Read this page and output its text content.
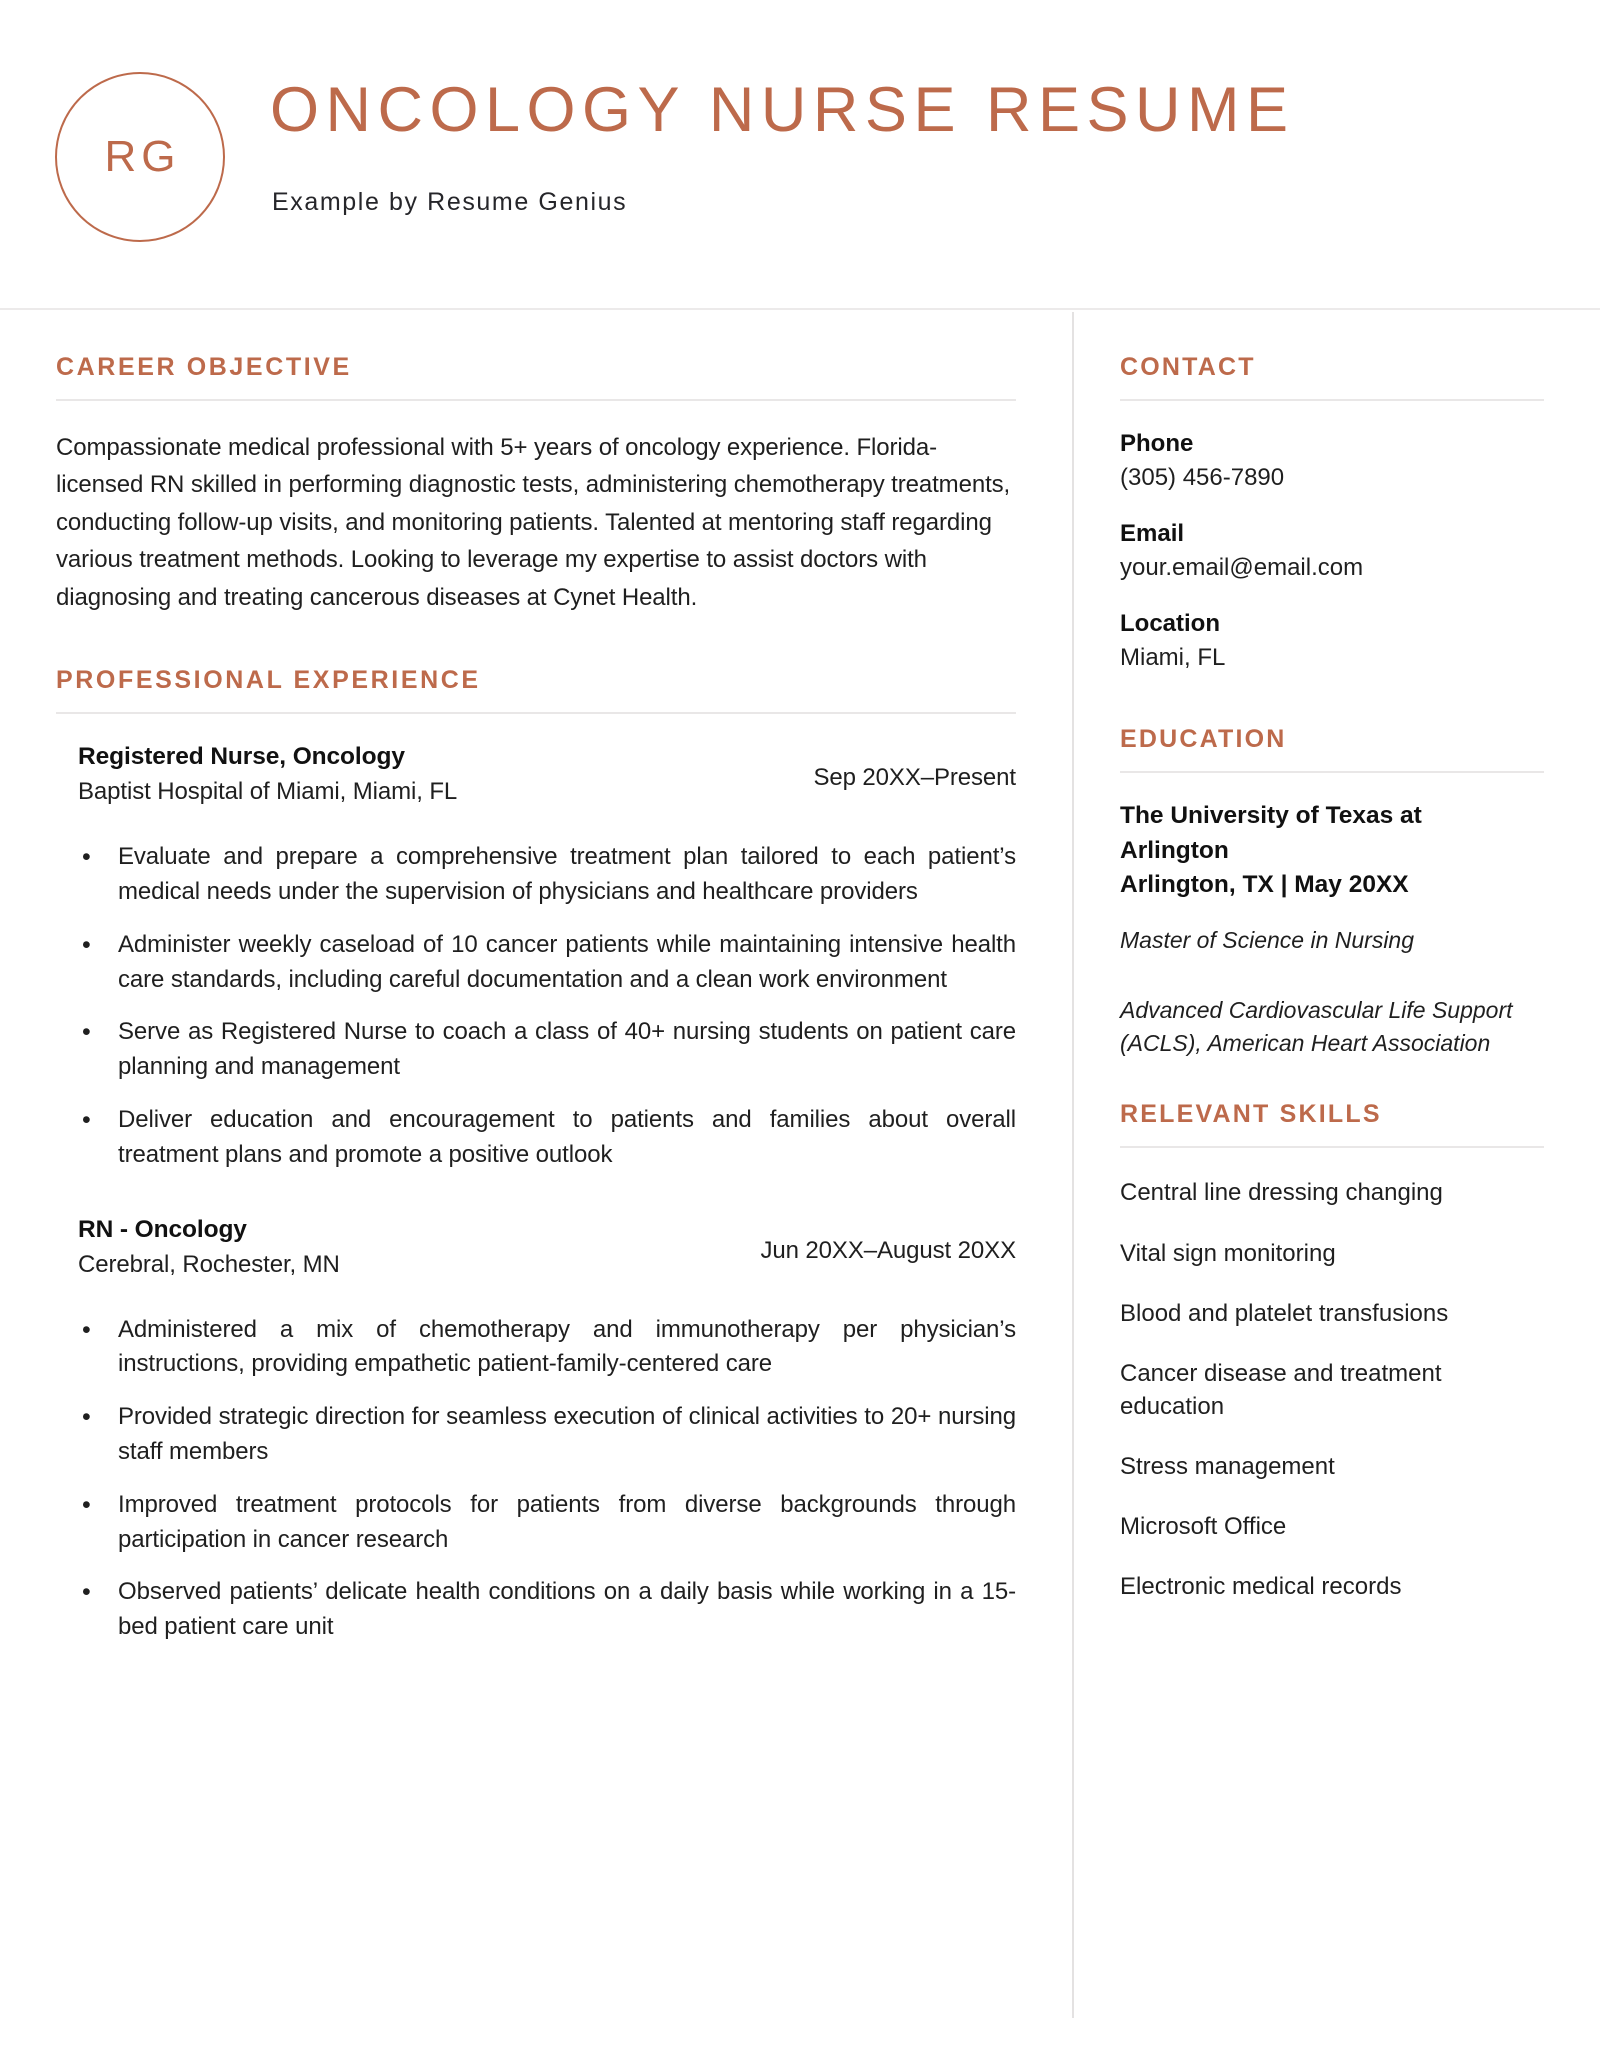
RG
ONCOLOGY NURSE RESUME
Example by Resume Genius
CAREER OBJECTIVE

Compassionate medical professional with 5+ years of oncology experience. Florida-licensed RN skilled in performing diagnostic tests, administering chemotherapy treatments, conducting follow-up visits, and monitoring patients. Talented at mentoring staff regarding various treatment methods. Looking to leverage my expertise to assist doctors with diagnosing and treating cancerous diseases at Cynet Health.

PROFESSIONAL EXPERIENCE
Registered Nurse, Oncology
Baptist Hospital of Miami, Miami, FL
Sep 20XX–Present
• Evaluate and prepare a comprehensive treatment plan tailored to each patient’s medical needs under the supervision of physicians and healthcare providers
• Administer weekly caseload of 10 cancer patients while maintaining intensive health care standards, including careful documentation and a clean work environment
• Serve as Registered Nurse to coach a class of 40+ nursing students on patient care planning and management
• Deliver education and encouragement to patients and families about overall treatment plans and promote a positive outlook
RN - Oncology
Cerebral, Rochester, MN
Jun 20XX–August 20XX
• Administered a mix of chemotherapy and immunotherapy per physician’s instructions, providing empathetic patient-family-centered care
• Provided strategic direction for seamless execution of clinical activities to 20+ nursing staff members
• Improved treatment protocols for patients from diverse backgrounds through participation in cancer research
• Observed patients’ delicate health conditions on a daily basis while working in a 15-bed patient care unit
CONTACT
Phone
(305) 456-7890
Email
your.email@email.com
Location
Miami, FL
EDUCATION
The University of Texas at
Arlington
Arlington, TX | May 20XX
Master of Science in Nursing
Advanced Cardiovascular Life Support (ACLS), American Heart Association
RELEVANT SKILLS
Central line dressing changing
Vital sign monitoring
Blood and platelet transfusions
Cancer disease and treatment education
Stress management
Microsoft Office
Electronic medical records
